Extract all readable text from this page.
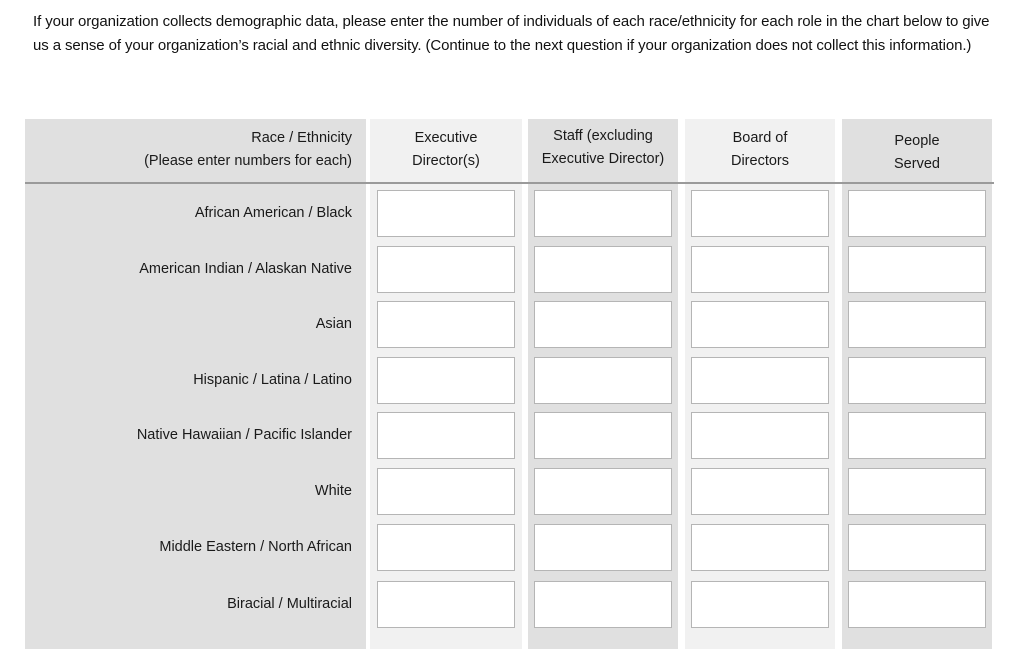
If your organization collects demographic data, please enter the number of individuals of each race/ethnicity for each role in the chart below to give us a sense of your organization’s racial and ethnic diversity. (Continue to the next question if your organization does not collect this information.)

Race / Ethnicity
(Please enter numbers for each)
Executive
Director(s)
Staff (excluding
Executive Director)
Board of
Directors
People
Served
African American / Black
American Indian / Alaskan Native
Asian
Hispanic / Latina / Latino
Native Hawaiian / Pacific Islander
White
Middle Eastern / North African
Biracial / Multiracial
